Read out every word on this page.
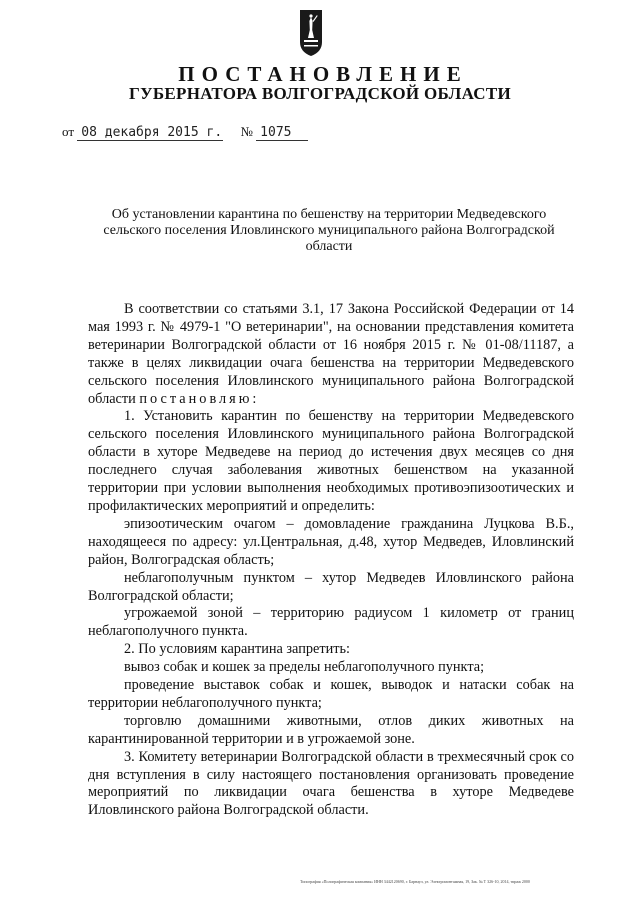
ПОСТАНОВЛЕНИЕ
ГУБЕРНАТОРА ВОЛГОГРАДСКОЙ ОБЛАСТИ
от 08 декабря 2015 г. № 1075
Об установлении карантина по бешенству на территории Медведевского сельского поселения Иловлинского муниципального района Волгоградской области

В соответствии со статьями 3.1, 17 Закона Российской Федерации от 14 мая 1993 г. № 4979-1 "О ветеринарии", на основании представления комитета ветеринарии Волгоградской области от 16 ноября 2015 г. № 01-08/11187, а также в целях ликвидации очага бешенства на территории Медведевского сельского поселения Иловлинского муниципального района Волгоградской области постановляю:

1. Установить карантин по бешенству на территории Медведевского сельского поселения Иловлинского муниципального района Волгоградской области в хуторе Медведеве на период до истечения двух месяцев со дня последнего случая заболевания животных бешенством на указанной территории при условии выполнения необходимых противоэпизоотических и профилактических мероприятий и определить:

эпизоотическим очагом – домовладение гражданина Луцкова В.Б., находящееся по адресу: ул.Центральная, д.48, хутор Медведев, Иловлинский район, Волгоградская область;

неблагополучным пунктом – хутор Медведев Иловлинского района Волгоградской области;

угрожаемой зоной – территорию радиусом 1 километр от границ неблагополучного пункта.

2. По условиям карантина запретить:

вывоз собак и кошек за пределы неблагополучного пункта;

проведение выставок собак и кошек, выводок и натаски собак на территории неблагополучного пункта;

торговлю домашними животными, отлов диких животных на карантинированной территории и в угрожаемой зоне.

3. Комитету ветеринарии Волгоградской области в трехмесячный срок со дня вступления в силу настоящего постановления организовать проведение мероприятий по ликвидации очага бешенства в хуторе Медведеве Иловлинского района Волгоградской области.

Типография «Полиграфическая компания» ИНН 3442120690, г. Барнаул, ул. Электромонтажная, 19, Зак. № Т 326-10, 2014, тираж 2000
